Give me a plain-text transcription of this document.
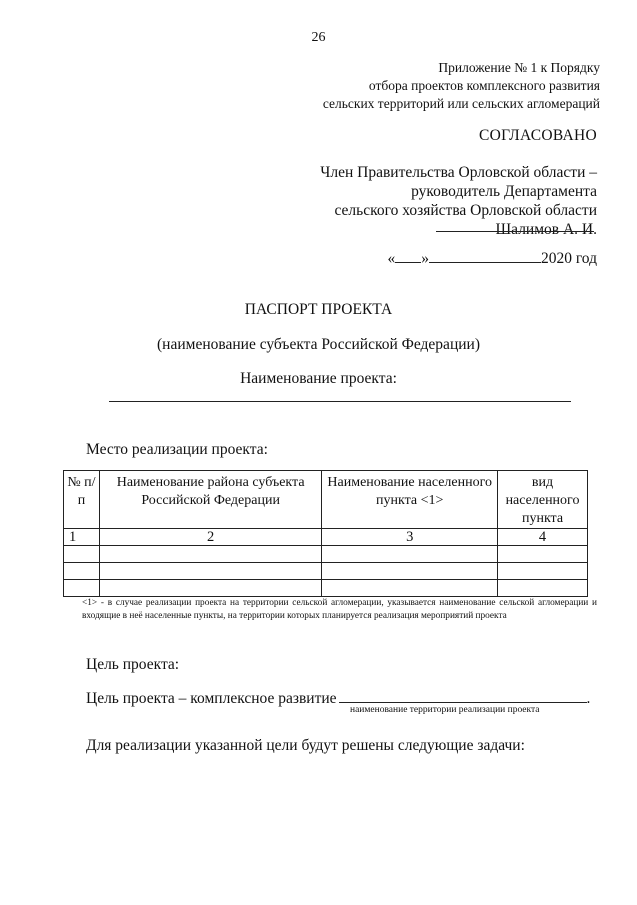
26
Приложение № 1 к Порядку
отбора проектов комплексного развития
сельских территорий или сельских агломераций
СОГЛАСОВАНО
Член Правительства Орловской области –
руководитель Департамента
сельского хозяйства Орловской области
Шалимов А. И.
« »	2020 год
ПАСПОРТ ПРОЕКТА
(наименование субъекта Российской Федерации)
Наименование проекта:
Место реализации проекта:
№ п/п	Наименование района субъекта Российской Федерации	Наименование населенного пункта <1>	вид населенного пункта
1	2	3	4

<1> - в случае реализации проекта на территории сельской агломерации, указывается наименование сельской агломерации и входящие в неё населенные пункты, на территории которых планируется реализация мероприятий проекта
Цель проекта:
Цель проекта – комплексное развитие	.
наименование территории реализации проекта
Для реализации указанной цели будут решены следующие задачи:
